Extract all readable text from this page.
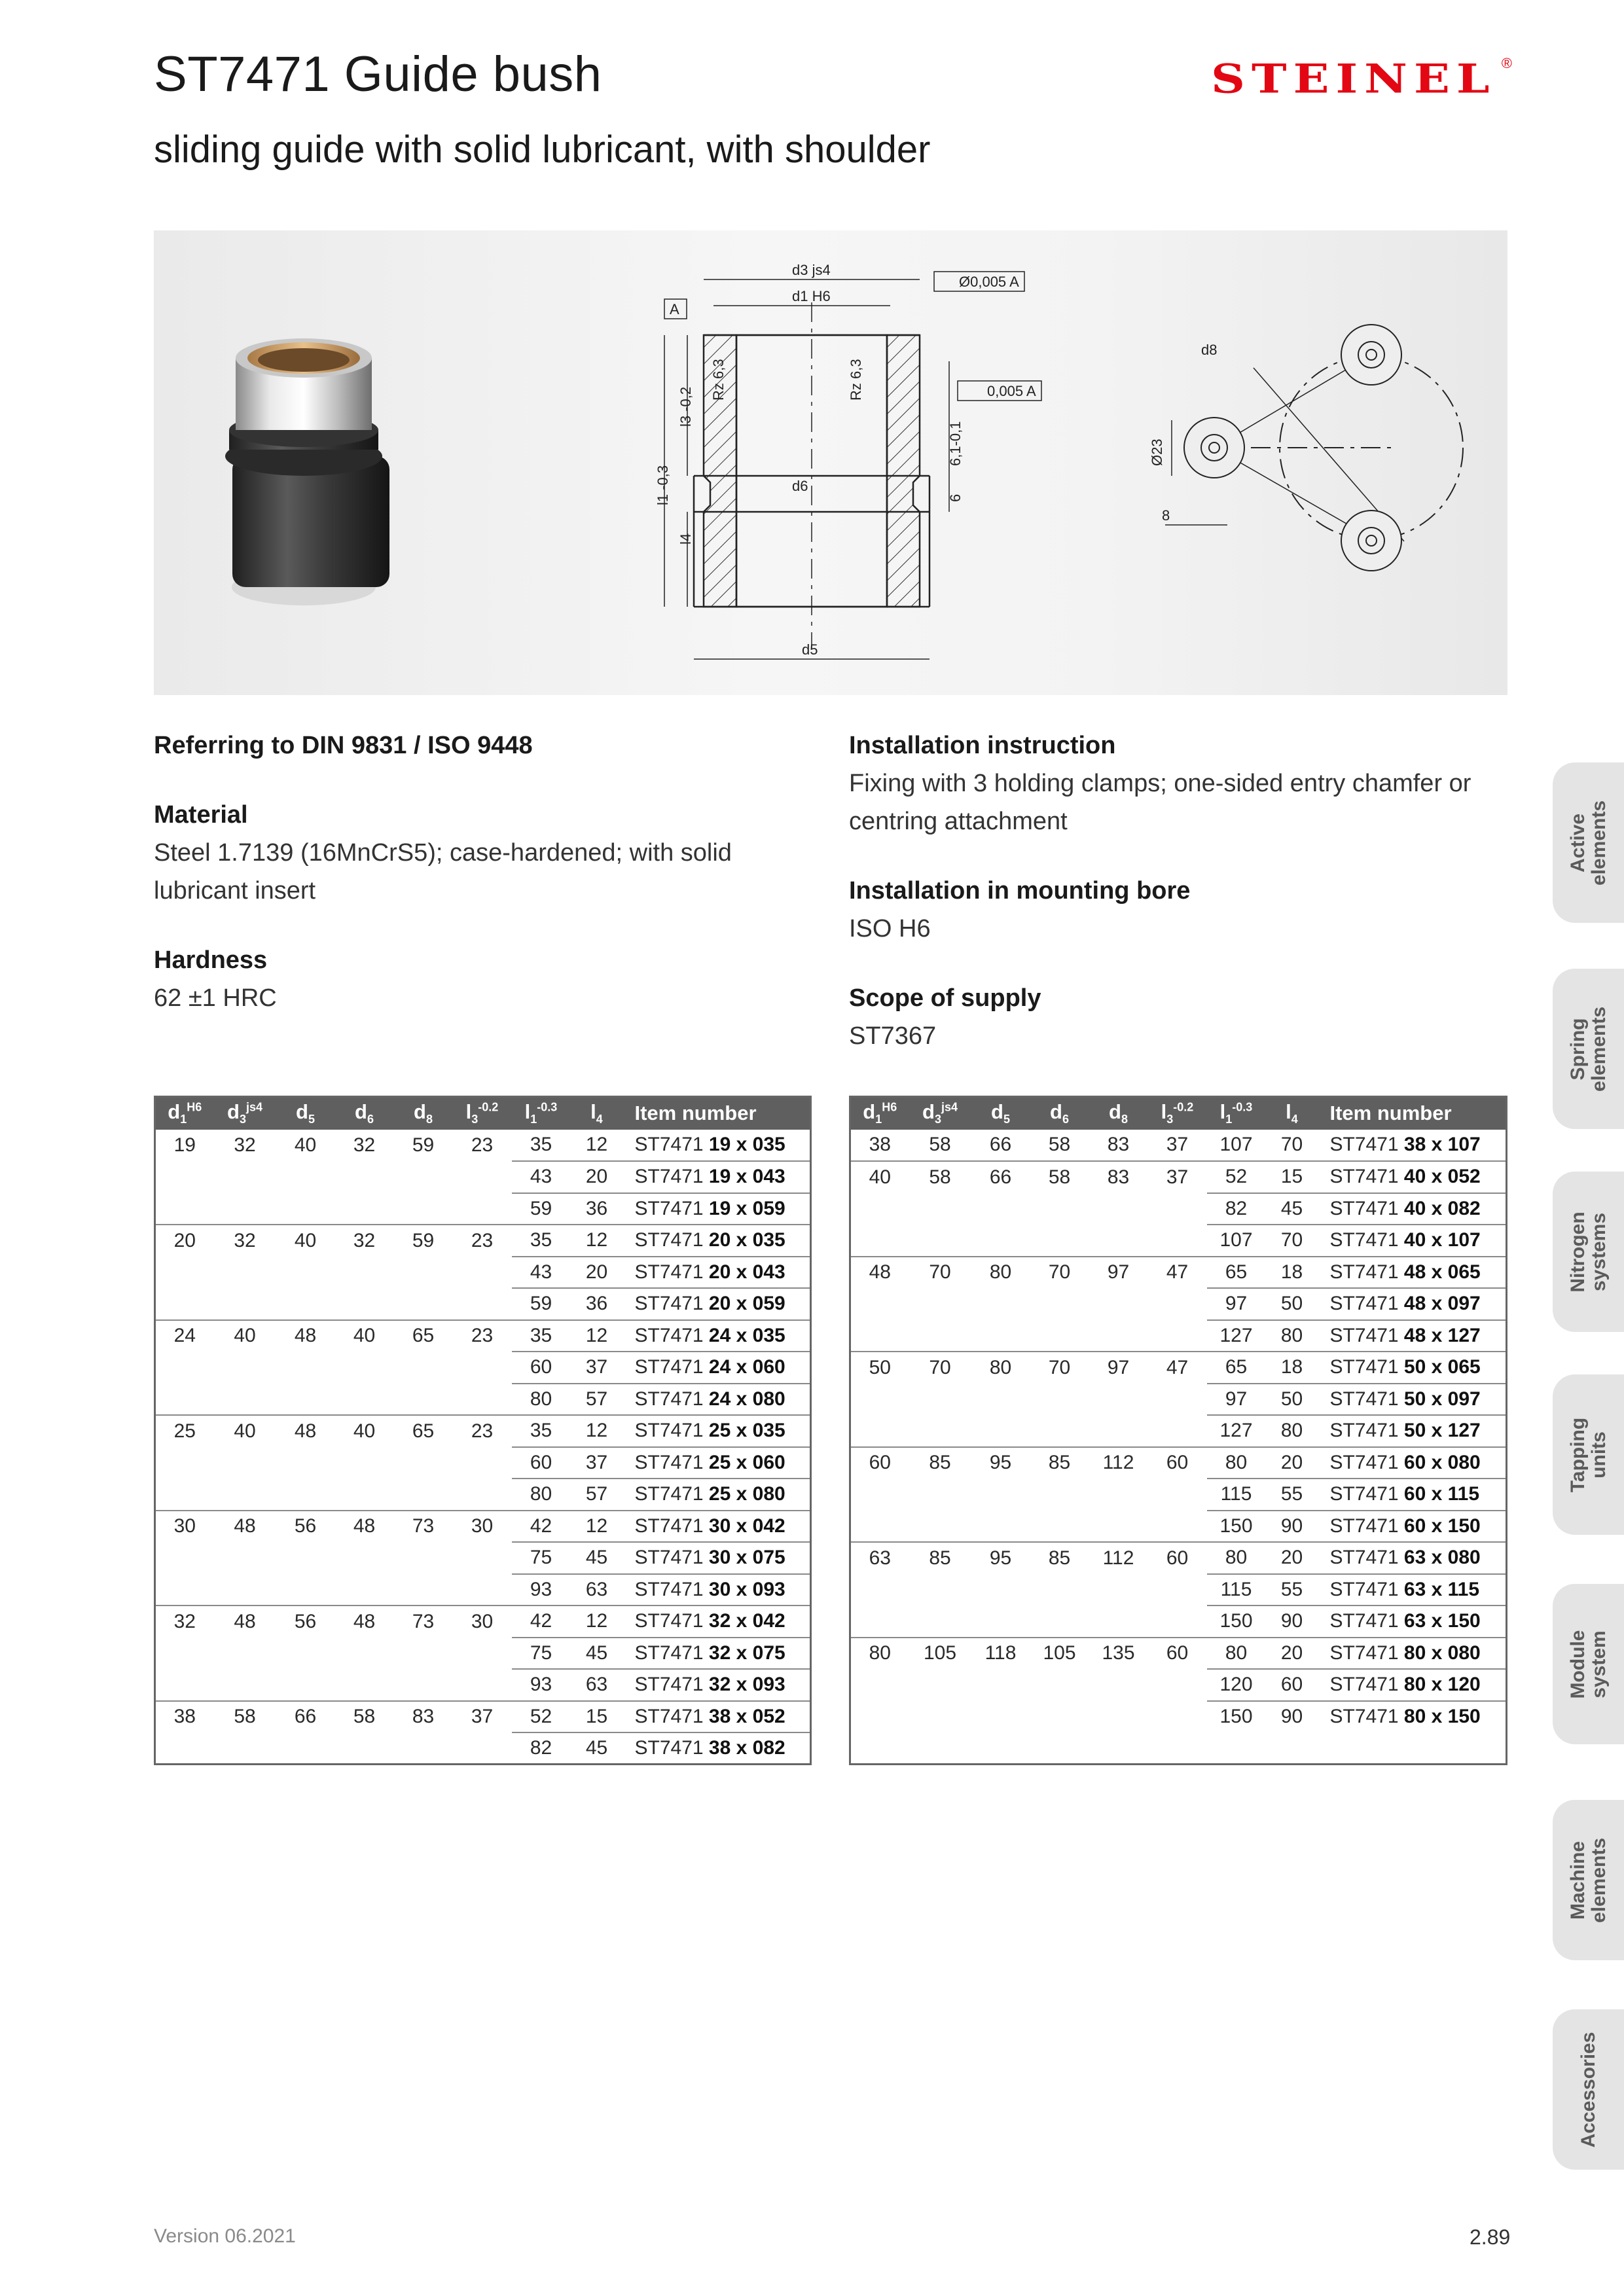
ST7471 Guide bush
sliding guide with solid lubricant, with shoulder
STEINEL ®
d3 js4
d1 H6
Ø0,005 A
A
0,005 A
d6
d5
l3 -0,2
l1 -0,3
l4
Rz 6,3	Rz 6,3
6,1-0,1
6
d8
Ø23
8
Referring to DIN 9831 / ISO 9448
Material
Steel 1.7139 (16MnCrS5); case-hardened; with solid lubricant insert
Hardness
62 ±1 HRC
Installation instruction
Fixing with 3 holding clamps; one-sided entry chamfer or centring attachment
Installation in mounting bore
ISO H6
Scope of supply
ST7367
$d_1^{H6}$	$d_3^{js4}$	$d_5$	$d_6$	$d_8$	$l_3^{-0.2}$	$l_1^{-0.3}$	$l_4$	Item number
19	32	40	32	59	23	35	12	ST7471 19 x 035
						43	20	ST7471 19 x 043
						59	36	ST7471 19 x 059
20	32	40	32	59	23	35	12	ST7471 20 x 035
						43	20	ST7471 20 x 043
						59	36	ST7471 20 x 059
24	40	48	40	65	23	35	12	ST7471 24 x 035
						60	37	ST7471 24 x 060
						80	57	ST7471 24 x 080
25	40	48	40	65	23	35	12	ST7471 25 x 035
						60	37	ST7471 25 x 060
						80	57	ST7471 25 x 080
30	48	56	48	73	30	42	12	ST7471 30 x 042
						75	45	ST7471 30 x 075
						93	63	ST7471 30 x 093
32	48	56	48	73	30	42	12	ST7471 32 x 042
						75	45	ST7471 32 x 075
						93	63	ST7471 32 x 093
38	58	66	58	83	37	52	15	ST7471 38 x 052
						82	45	ST7471 38 x 082
$d_1^{H6}$	$d_3^{js4}$	$d_5$	$d_6$	$d_8$	$l_3^{-0.2}$	$l_1^{-0.3}$	$l_4$	Item number
38	58	66	58	83	37	107	70	ST7471 38 x 107
40	58	66	58	83	37	52	15	ST7471 40 x 052
						82	45	ST7471 40 x 082
						107	70	ST7471 40 x 107
48	70	80	70	97	47	65	18	ST7471 48 x 065
						97	50	ST7471 48 x 097
						127	80	ST7471 48 x 127
50	70	80	70	97	47	65	18	ST7471 50 x 065
						97	50	ST7471 50 x 097
						127	80	ST7471 50 x 127
60	85	95	85	112	60	80	20	ST7471 60 x 080
						115	55	ST7471 60 x 115
						150	90	ST7471 60 x 150
63	85	95	85	112	60	80	20	ST7471 63 x 080
						115	55	ST7471 63 x 115
						150	90	ST7471 63 x 150
80	105	118	105	135	60	80	20	ST7471 80 x 080
						120	60	ST7471 80 x 120
						150	90	ST7471 80 x 150

Active elements
Spring elements
Nitrogen systems
Tapping units
Module system
Machine elements
Accessories
Version 06.2021	2.89
